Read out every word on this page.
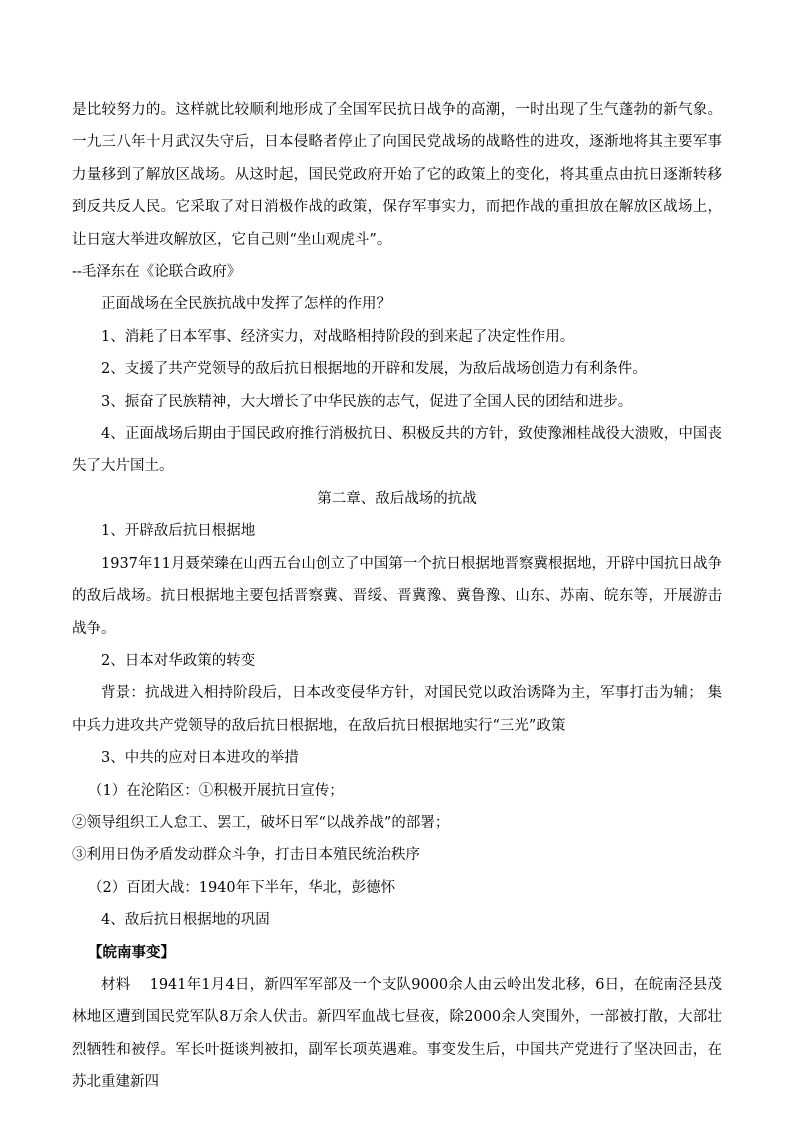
是比较努力的。这样就比较顺利地形成了全国军民抗日战争的高潮，一时出现了生气蓬勃的新气象。一九三八年十月武汉失守后，日本侵略者停止了向国民党战场的战略性的进攻，逐渐地将其主要军事力量移到了解放区战场。从这时起，国民党政府开始了它的政策上的变化，将其重点由抗日逐渐转移到反共反人民。它采取了对日消极作战的政策，保存军事实力，而把作战的重担放在解放区战场上，让日寇大举进攻解放区，它自己则“坐山观虎斗”。

--毛泽东在《论联合政府》

正面战场在全民族抗战中发挥了怎样的作用？

1、消耗了日本军事、经济实力，对战略相持阶段的到来起了决定性作用。

2、支援了共产党领导的敌后抗日根据地的开辟和发展，为敌后战场创造力有利条件。

3、振奋了民族精神，大大增长了中华民族的志气，促进了全国人民的团结和进步。

4、正面战场后期由于国民政府推行消极抗日、积极反共的方针，致使豫湘桂战役大溃败，中国丧失了大片国土。

第二章、敌后战场的抗战

1、开辟敌后抗日根据地

1937年11月聂荣臻在山西五台山创立了中国第一个抗日根据地晋察冀根据地，开辟中国抗日战争的敌后战场。抗日根据地主要包括晋察冀、晋绥、晋冀豫、冀鲁豫、山东、苏南、皖东等，开展游击战争。

2、日本对华政策的转变

背景：抗战进入相持阶段后，日本改变侵华方针，对国民党以政治诱降为主，军事打击为辅； 集中兵力进攻共产党领导的敌后抗日根据地，在敌后抗日根据地实行“三光”政策

3、中共的应对日本进攻的举措

（1）在沦陷区：①积极开展抗日宣传；

②领导组织工人怠工、罢工，破坏日军“以战养战”的部署；

③利用日伪矛盾发动群众斗争，打击日本殖民统治秩序

（2）百团大战：1940年下半年，华北，彭德怀

4、敌后抗日根据地的巩固

【皖南事变】

材料    1941年1月4日，新四军军部及一个支队9000余人由云岭出发北移，6日，在皖南泾县茂林地区遭到国民党军队8万余人伏击。新四军血战七昼夜，除2000余人突围外，一部被打散，大部壮烈牺牲和被俘。军长叶挺谈判被扣，副军长项英遇难。事变发生后，中国共产党进行了坚决回击，在苏北重建新四
